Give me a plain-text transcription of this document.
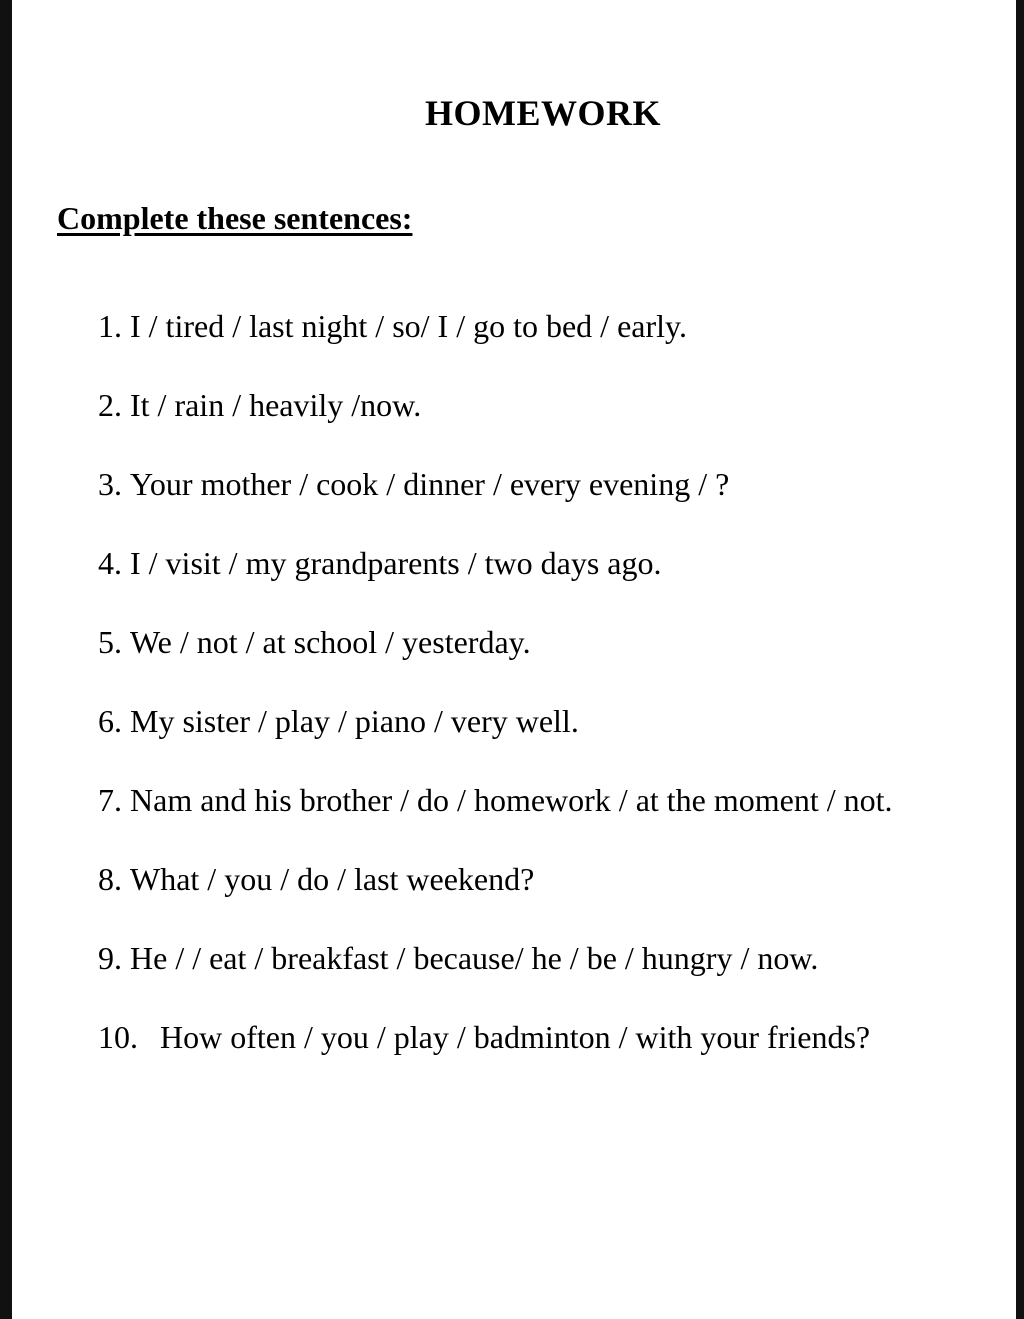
HOMEWORK

Complete these sentences:

1. I / tired / last night / so/ I / go to bed / early.
2. It / rain / heavily /now.
3. Your mother / cook / dinner / every evening / ?
4. I / visit / my grandparents / two days ago.
5. We / not / at school / yesterday.
6. My sister / play / piano / very well.
7. Nam and his brother / do / homework / at the moment / not.
8. What / you / do / last weekend?
9. He / / eat / breakfast / because/ he / be / hungry / now.
10. How often / you / play / badminton / with your friends?
